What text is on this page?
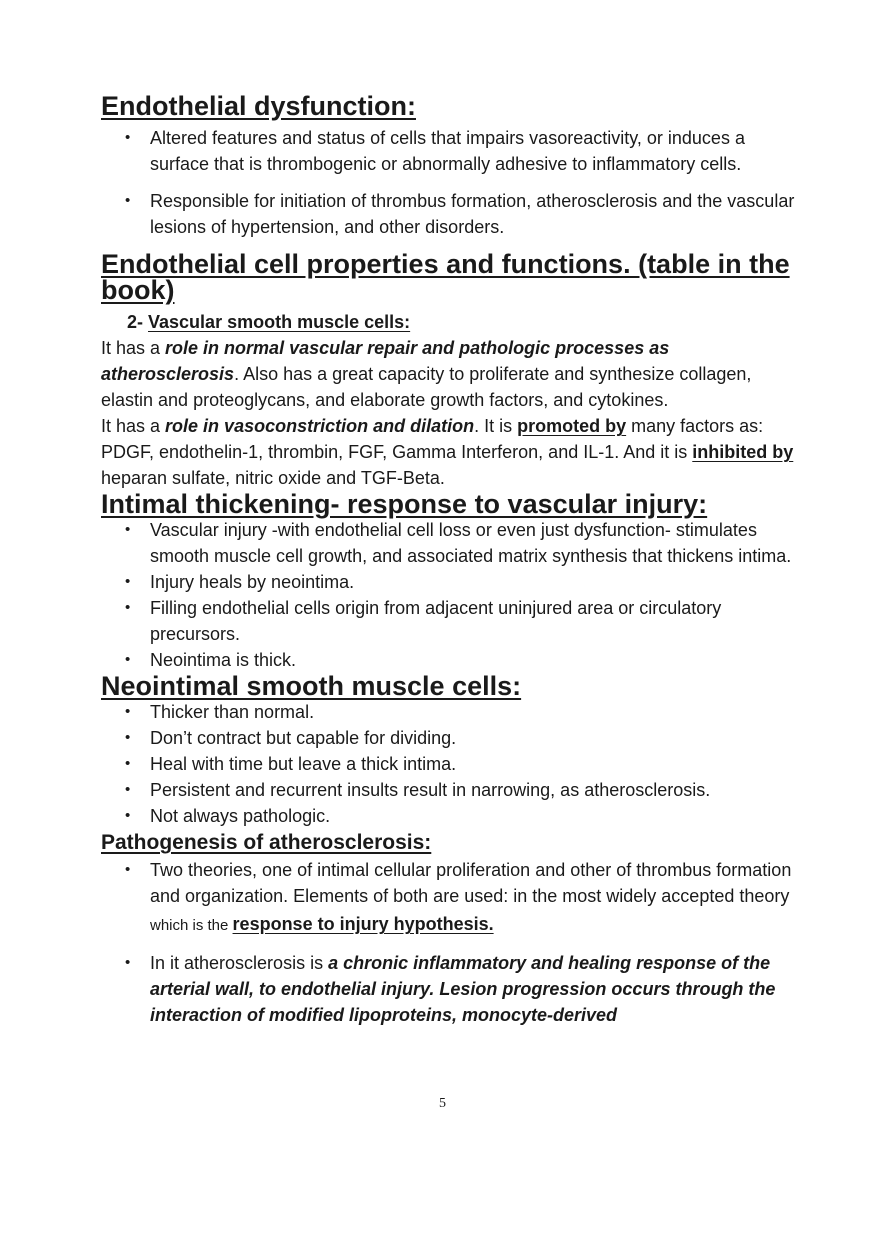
Endothelial dysfunction:
• Altered features and status of cells that impairs vasoreactivity, or induces a surface that is thrombogenic or abnormally adhesive to inflammatory cells.
• Responsible for initiation of thrombus formation, atherosclerosis and the vascular lesions of hypertension, and other disorders.
Endothelial cell properties and functions. (table in the book)

2- Vascular smooth muscle cells:

It has a role in normal vascular repair and pathologic processes as atherosclerosis. Also has a great capacity to proliferate and synthesize collagen, elastin and proteoglycans, and elaborate growth factors, and cytokines.

It has a role in vasoconstriction and dilation. It is promoted by many factors as: PDGF, endothelin-1, thrombin, FGF, Gamma Interferon, and IL-1. And it is inhibited by heparan sulfate, nitric oxide and TGF-Beta.

Intimal thickening- response to vascular injury:
• Vascular injury -with endothelial cell loss or even just dysfunction- stimulates smooth muscle cell growth, and associated matrix synthesis that thickens intima.
• Injury heals by neointima.
• Filling endothelial cells origin from adjacent uninjured area or circulatory precursors.
• Neointima is thick.
Neointimal smooth muscle cells:
• Thicker than normal.
• Don’t contract but capable for dividing.
• Heal with time but leave a thick intima.
• Persistent and recurrent insults result in narrowing, as atherosclerosis.
• Not always pathologic.
Pathogenesis of atherosclerosis:
• Two theories, one of intimal cellular proliferation and other of thrombus formation and organization. Elements of both are used: in the most widely accepted theory which is the response to injury hypothesis.
• In it atherosclerosis is a chronic inflammatory and healing response of the arterial wall, to endothelial injury. Lesion progression occurs through the interaction of modified lipoproteins, monocyte-derived
5
